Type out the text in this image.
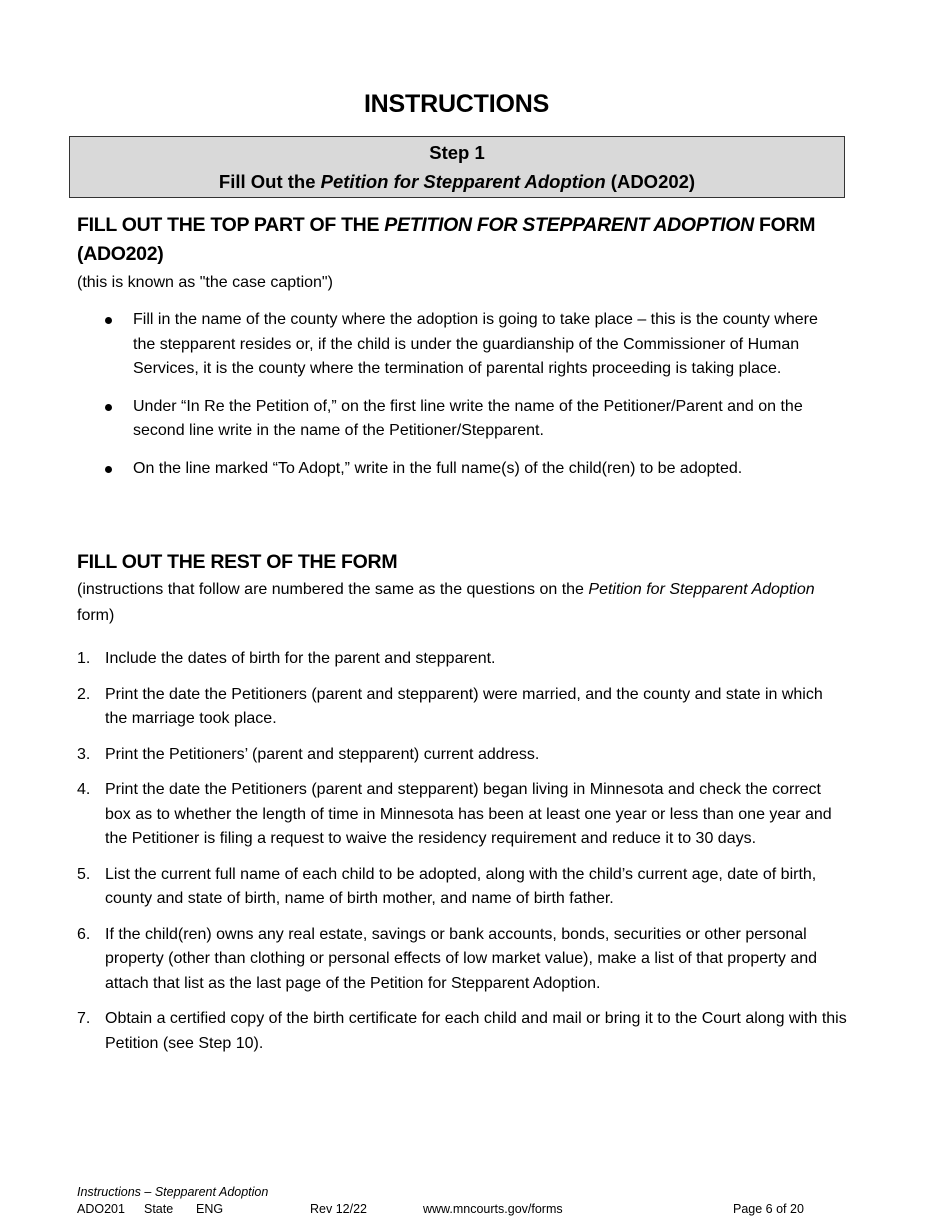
INSTRUCTIONS
Step 1
Fill Out the Petition for Stepparent Adoption (ADO202)
FILL OUT THE TOP PART OF THE PETITION FOR STEPPARENT ADOPTION FORM (ADO202)
(this is known as "the case caption")
Fill in the name of the county where the adoption is going to take place – this is the county where the stepparent resides or, if the child is under the guardianship of the Commissioner of Human Services, it is the county where the termination of parental rights proceeding is taking place.
Under “In Re the Petition of,” on the first line write the name of the Petitioner/Parent and on the second line write in the name of the Petitioner/Stepparent.
On the line marked “To Adopt,” write in the full name(s) of the child(ren) to be adopted.
FILL OUT THE REST OF THE FORM
(instructions that follow are numbered the same as the questions on the Petition for Stepparent Adoption form)
1. Include the dates of birth for the parent and stepparent.
2. Print the date the Petitioners (parent and stepparent) were married, and the county and state in which the marriage took place.
3. Print the Petitioners’ (parent and stepparent) current address.
4. Print the date the Petitioners (parent and stepparent) began living in Minnesota and check the correct box as to whether the length of time in Minnesota has been at least one year or less than one year and the Petitioner is filing a request to waive the residency requirement and reduce it to 30 days.
5. List the current full name of each child to be adopted, along with the child’s current age, date of birth, county and state of birth, name of birth mother, and name of birth father.
6. If the child(ren) owns any real estate, savings or bank accounts, bonds, securities or other personal property (other than clothing or personal effects of low market value), make a list of that property and attach that list as the last page of the Petition for Stepparent Adoption.
7. Obtain a certified copy of the birth certificate for each child and mail or bring it to the Court along with this Petition (see Step 10).
Instructions – Stepparent Adoption
ADO201 State ENG	Rev 12/22	www.mncourts.gov/forms	Page 6 of 20
